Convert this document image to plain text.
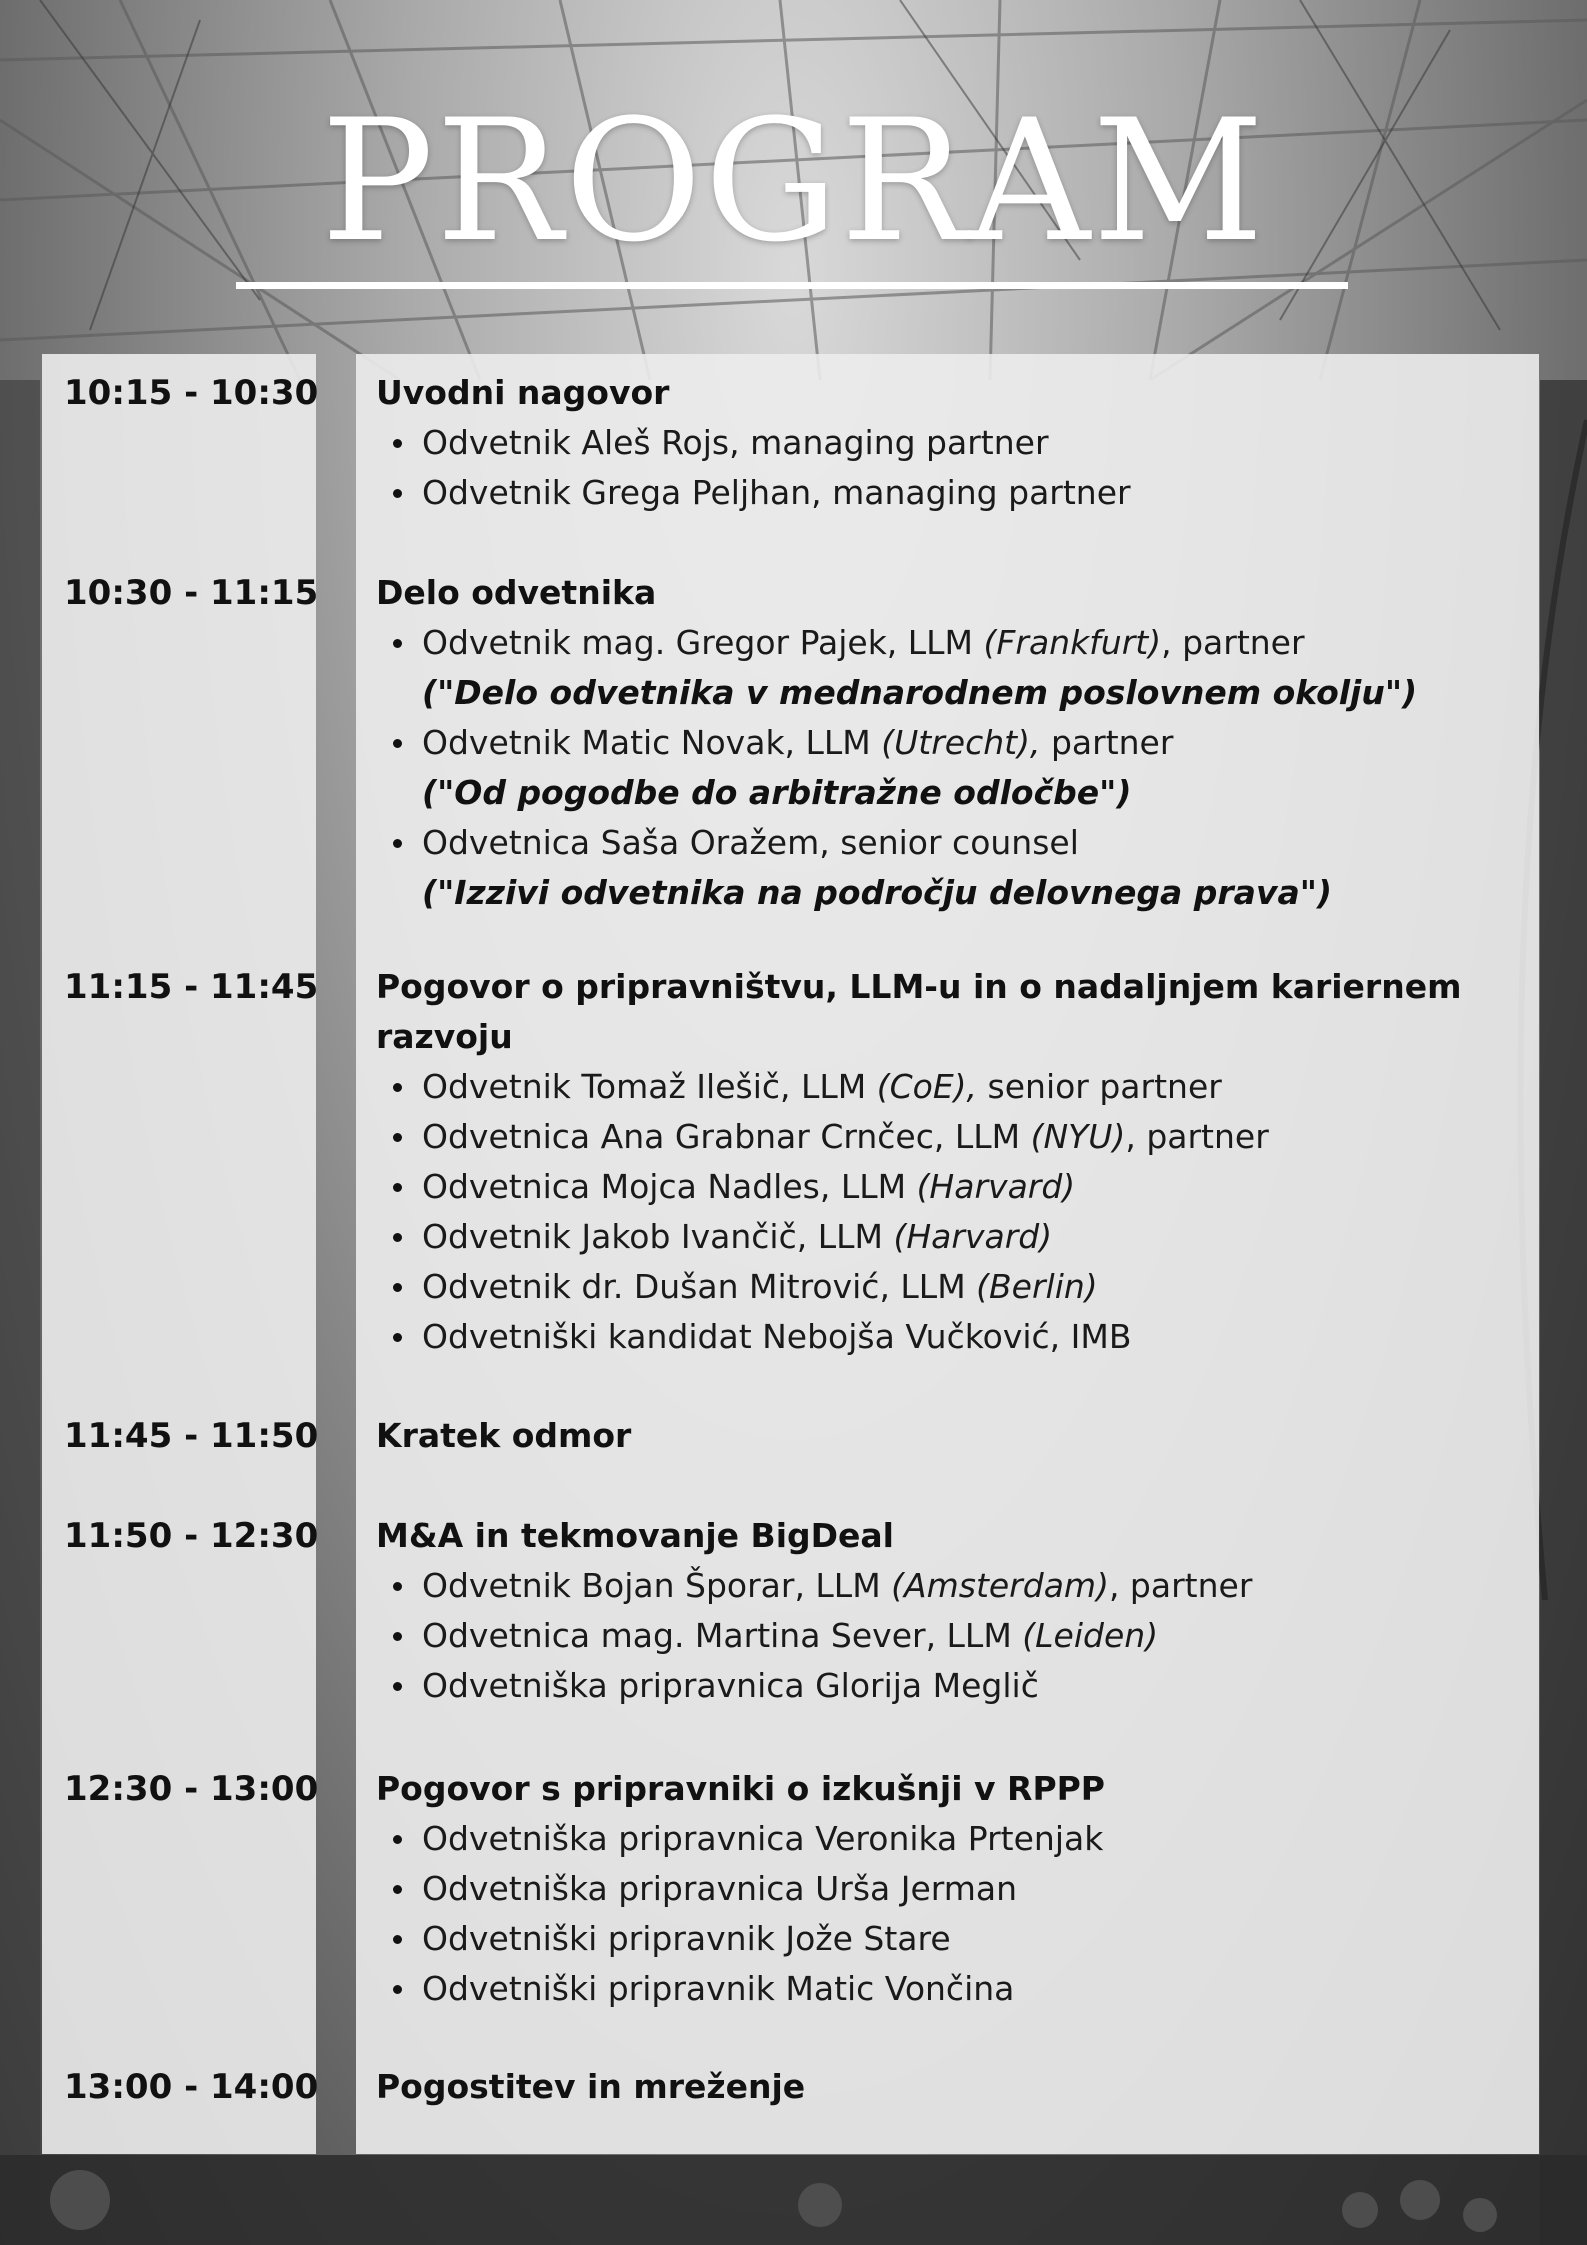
PROGRAM
10:15 - 10:30 Uvodni nagovor
Odvetnik Aleš Rojs, managing partner
Odvetnik Grega Peljhan, managing partner
10:30 - 11:15 Delo odvetnika
Odvetnik mag. Gregor Pajek, LLM (Frankfurt), partner
("Delo odvetnika v mednarodnem poslovnem okolju")
Odvetnik Matic Novak, LLM (Utrecht), partner
("Od pogodbe do arbitražne odločbe")
Odvetnica Saša Oražem, senior counsel
("Izzivi odvetnika na področju delovnega prava")
11:15 - 11:45 Pogovor o pripravništvu, LLM-u in o nadaljnjem kariernem razvoju
Odvetnik Tomaž Ilešič, LLM (CoE), senior partner
Odvetnica Ana Grabnar Crnčec, LLM (NYU), partner
Odvetnica Mojca Nadles, LLM (Harvard)
Odvetnik Jakob Ivančič, LLM (Harvard)
Odvetnik dr. Dušan Mitrović, LLM (Berlin)
Odvetniški kandidat Nebojša Vučković, IMB
11:45 - 11:50 Kratek odmor
11:50 - 12:30 M&A in tekmovanje BigDeal
Odvetnik Bojan Šporar, LLM (Amsterdam), partner
Odvetnica mag. Martina Sever, LLM (Leiden)
Odvetniška pripravnica Glorija Meglič
12:30 - 13:00 Pogovor s pripravniki o izkušnji v RPPP
Odvetniška pripravnica Veronika Prtenjak
Odvetniška pripravnica Urša Jerman
Odvetniški pripravnik Jože Stare
Odvetniški pripravnik Matic Vončina
13:00 - 14:00 Pogostitev in mreženje
